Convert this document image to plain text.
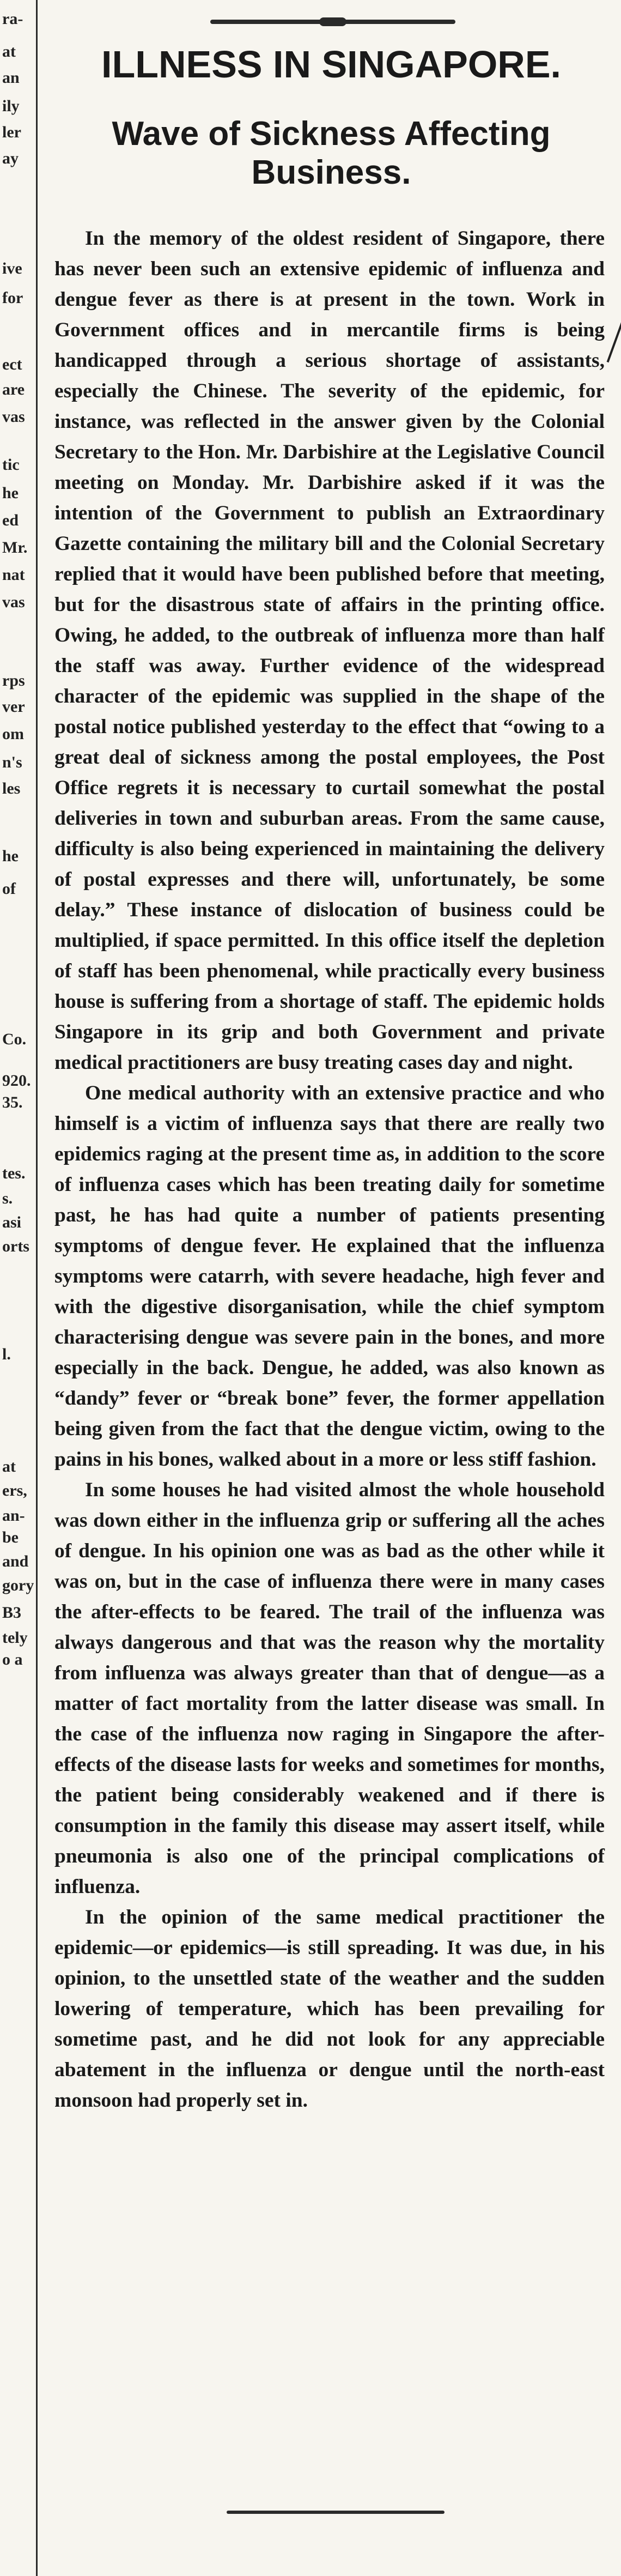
ra-
at
an
ily
ler
ay
ive
for
ect
are
vas
tic
he
ed
Mr.
nat
vas
rps
ver
om
n's
les
he
of
Co.
920.
35.
tes.
s.
asi
orts
l.
at
ers,
an-
be
and
gory
B3
tely
o a
ILLNESS IN SINGAPORE.
Wave of Sickness Affecting Business.

In the memory of the oldest resident of Singapore, there has never been such an extensive epidemic of influenza and dengue fever as there is at present in the town. Work in Government offices and in mercantile firms is being handicapped through a serious shortage of assistants, especially the Chinese. The severity of the epidemic, for instance, was reflected in the answer given by the Colonial Secretary to the Hon. Mr. Darbishire at the Legislative Council meeting on Monday. Mr. Darbishire asked if it was the intention of the Government to publish an Extraordinary Gazette containing the military bill and the Colonial Secretary replied that it would have been published before that meeting, but for the disastrous state of affairs in the printing office. Owing, he added, to the outbreak of influenza more than half the staff was away. Further evidence of the widespread character of the epidemic was supplied in the shape of the postal notice published yesterday to the effect that “owing to a great deal of sickness among the postal employees, the Post Office regrets it is necessary to curtail somewhat the postal deliveries in town and suburban areas. From the same cause, difficulty is also being experienced in maintaining the delivery of postal expresses and there will, unfortunately, be some delay.” These instance of dislocation of business could be multiplied, if space permitted. In this office itself the depletion of staff has been phenomenal, while practically every business house is suffering from a shortage of staff. The epidemic holds Singapore in its grip and both Government and private medical practitioners are busy treating cases day and night.

One medical authority with an extensive practice and who himself is a victim of influenza says that there are really two epidemics raging at the present time as, in addition to the score of influenza cases which has been treating daily for sometime past, he has had quite a number of patients presenting symptoms of dengue fever. He explained that the influenza symptoms were catarrh, with severe headache, high fever and with the digestive disorganisation, while the chief symptom characterising dengue was severe pain in the bones, and more especially in the back. Dengue, he added, was also known as “dandy” fever or “break bone” fever, the former appellation being given from the fact that the dengue victim, owing to the pains in his bones, walked about in a more or less stiff fashion.

In some houses he had visited almost the whole household was down either in the influenza grip or suffering all the aches of dengue. In his opinion one was as bad as the other while it was on, but in the case of influenza there were in many cases the after-effects to be feared. The trail of the influenza was always dangerous and that was the reason why the mortality from influenza was always greater than that of dengue—as a matter of fact mortality from the latter disease was small. In the case of the influenza now raging in Singapore the after-effects of the disease lasts for weeks and sometimes for months, the patient being considerably weakened and if there is consumption in the family this disease may assert itself, while pneumonia is also one of the principal complications of influenza.

In the opinion of the same medical practitioner the epidemic—or epidemics—is still spreading. It was due, in his opinion, to the unsettled state of the weather and the sudden lowering of temperature, which has been prevailing for sometime past, and he did not look for any appreciable abatement in the influenza or dengue until the north-east monsoon had properly set in.
